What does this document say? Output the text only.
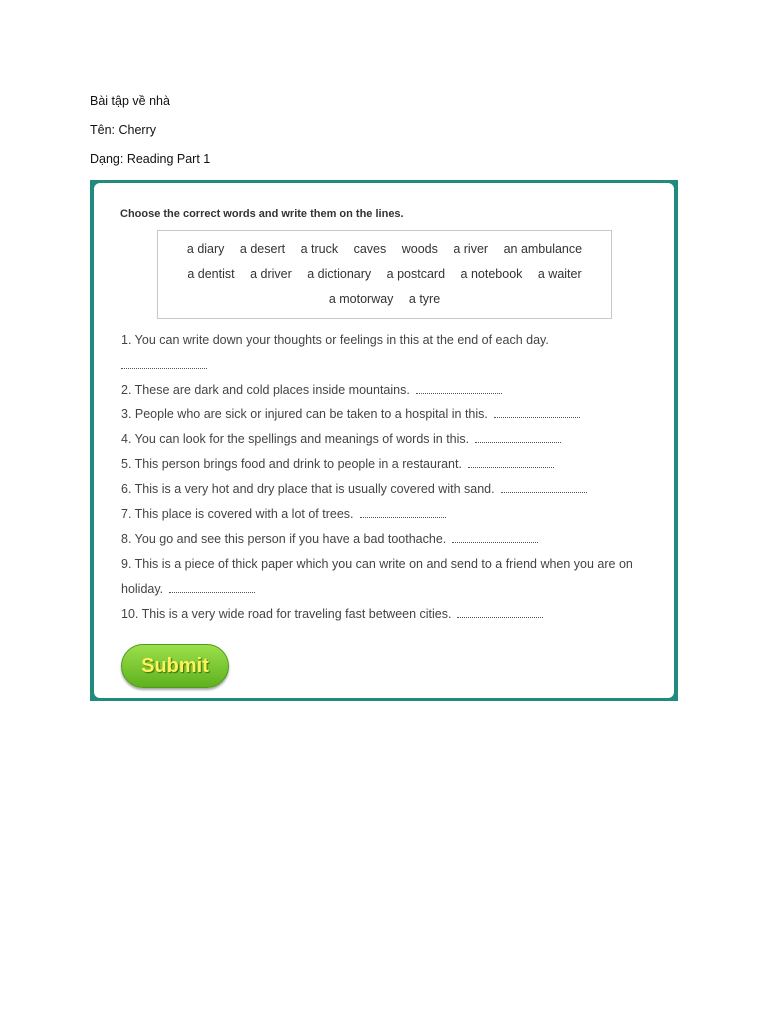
Bài tập về nhà
Tên: Cherry
Dạng: Reading Part 1
Choose the correct words and write them on the lines.
a diary a desert a truck caves woods a river an ambulance
a dentist a driver a dictionary a postcard a notebook a waiter
a motorway a tyre
1. You can write down your thoughts or feelings in this at the end of each day.
2. These are dark and cold places inside mountains.
3. People who are sick or injured can be taken to a hospital in this.
4. You can look for the spellings and meanings of words in this.
5. This person brings food and drink to people in a restaurant.
6. This is a very hot and dry place that is usually covered with sand.
7. This place is covered with a lot of trees.
8. You go and see this person if you have a bad toothache.
9. This is a piece of thick paper which you can write on and send to a friend when you are on
holiday.
10. This is a very wide road for traveling fast between cities.
Submit
